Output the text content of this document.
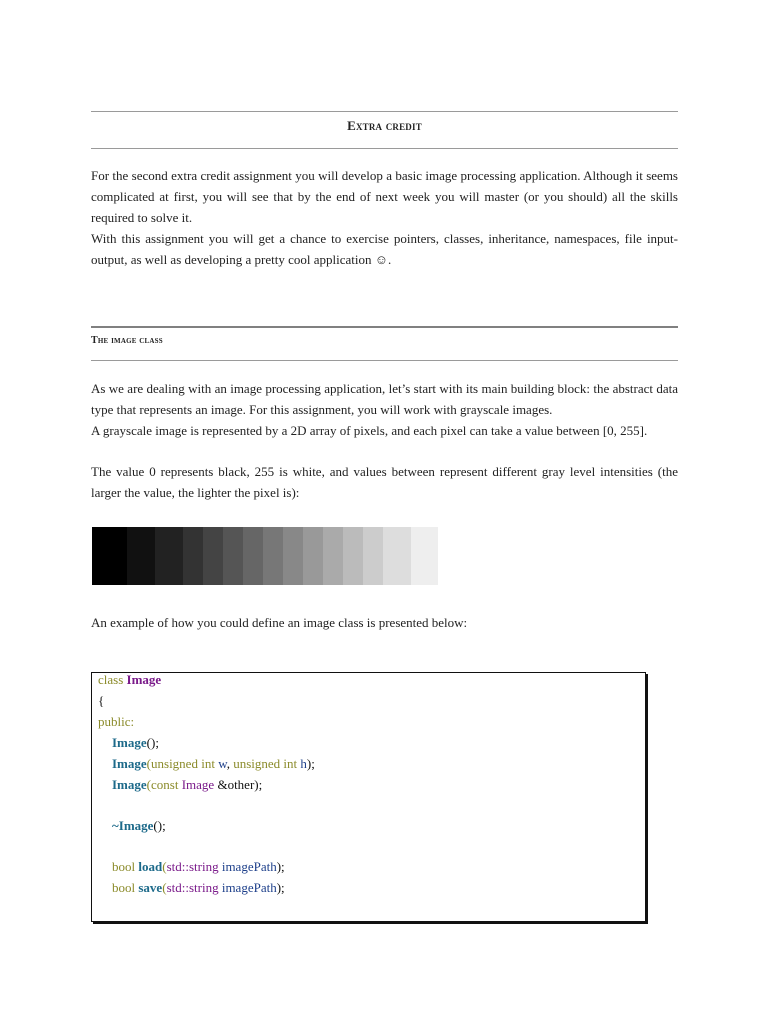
Extra credit

For the second extra credit assignment you will develop a basic image processing application. Although it seems complicated at first, you will see that by the end of next week you will master (or you should) all the skills required to solve it.

With this assignment you will get a chance to exercise pointers, classes, inheritance, namespaces, file input-output, as well as developing a pretty cool application ☺.

The image class

As we are dealing with an image processing application, let’s start with its main building block: the abstract data type that represents an image. For this assignment, you will work with grayscale images.

A grayscale image is represented by a 2D array of pixels, and each pixel can take a value between [0, 255].

The value 0 represents black, 255 is white, and values between represent different gray level intensities (the larger the value, the lighter the pixel is):

An example of how you could define an image class is presented below:

class Image
{
public:
Image();
Image(unsigned int w, unsigned int h);
Image(const Image &other);
~Image();
bool load(std::string imagePath);
bool save(std::string imagePath);
